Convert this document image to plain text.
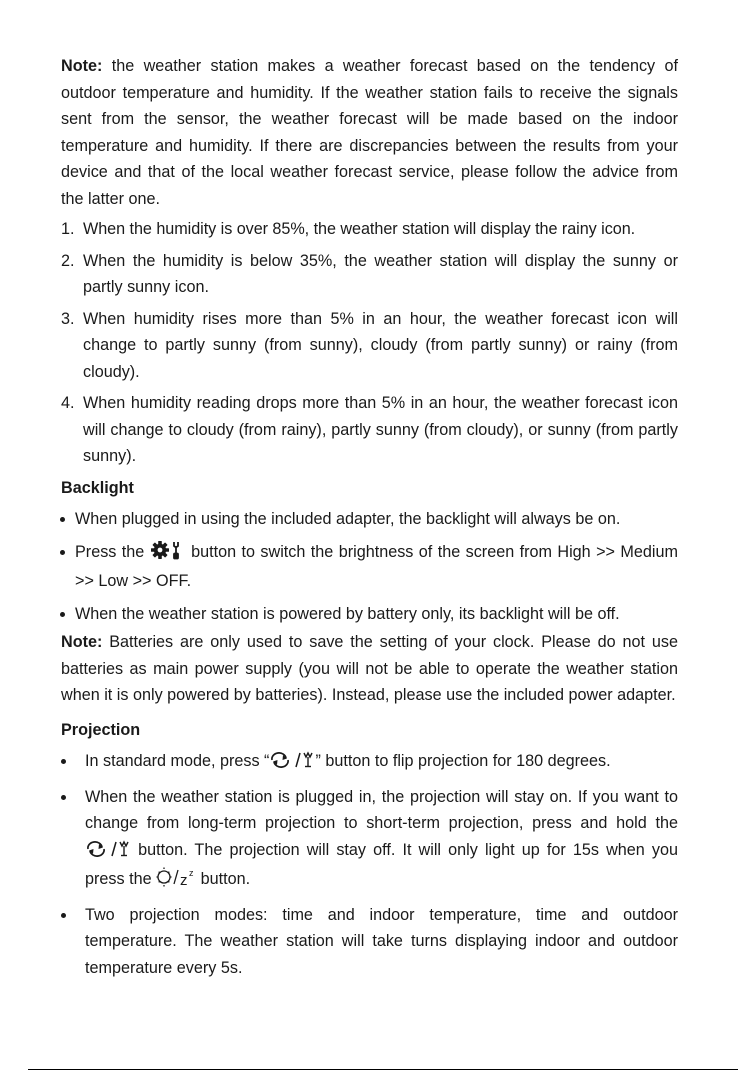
Note: the weather station makes a weather forecast based on the tendency of outdoor temperature and humidity. If the weather station fails to receive the signals sent from the sensor, the weather forecast will be made based on the indoor temperature and humidity. If there are discrepancies between the results from your device and that of the local weather forecast service, please follow the advice from the latter one.

1. When the humidity is over 85%, the weather station will display the rainy icon.
2. When the humidity is below 35%, the weather station will display the sunny or partly sunny icon.
3. When humidity rises more than 5% in an hour, the weather forecast icon will change to partly sunny (from sunny), cloudy (from partly sunny) or rainy (from cloudy).
4. When humidity reading drops more than 5% in an hour, the weather forecast icon will change to cloudy (from rainy), partly sunny (from cloudy), or sunny (from partly sunny).
Backlight
When plugged in using the included adapter, the backlight will always be on.
Press the	button to switch the brightness of the screen from High >> Medium >> Low >> OFF.
When the weather station is powered by battery only, its backlight will be off.

Note: Batteries are only used to save the setting of your clock. Please do not use batteries as main power supply (you will not be able to operate the weather station when it is only powered by batteries). Instead, please use the included power adapter.

Projection
In standard mode, press “	” button to flip projection for 180 degrees.
When the weather station is plugged in, the projection will stay on. If you want to change from long-term projection to short-term projection, press and hold the  button. The projection will stay off. It will only light up for 15s when you press the z z button.
Two projection modes: time and indoor temperature, time and outdoor temperature. The weather station will take turns displaying indoor and outdoor temperature every 5s.
